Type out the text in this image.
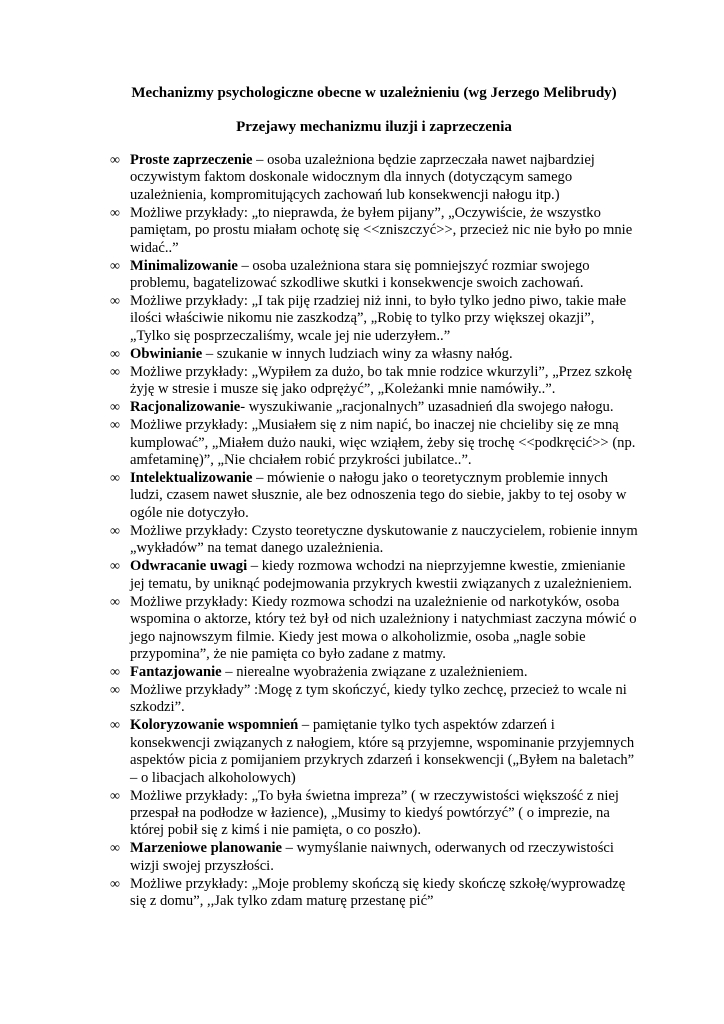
Mechanizmy psychologiczne obecne w uzależnieniu (wg Jerzego Melibrudy)
Przejawy mechanizmu iluzji i zaprzeczenia
∞ Proste zaprzeczenie – osoba uzależniona będzie zaprzeczała nawet najbardziej oczywistym faktom doskonale widocznym dla innych (dotyczącym samego uzależnienia, kompromitujących zachowań lub konsekwencji nałogu itp.)
∞ Możliwe przykłady: „to nieprawda, że byłem pijany”, „Oczywiście, że wszystko pamiętam, po prostu miałam ochotę się <<zniszczyć>>, przecież nic nie było po mnie widać..”
∞ Minimalizowanie – osoba uzależniona stara się pomniejszyć rozmiar swojego problemu, bagatelizować szkodliwe skutki i konsekwencje swoich zachowań.
∞ Możliwe przykłady: „I tak piję rzadziej niż inni, to było tylko jedno piwo, takie małe ilości właściwie nikomu nie zaszkodzą”, „Robię to tylko przy większej okazji”, „Tylko się posprzeczaliśmy, wcale jej nie uderzyłem..”
∞ Obwinianie – szukanie w innych ludziach winy za własny nałóg.
∞ Możliwe przykłady: „Wypiłem za dużo, bo tak mnie rodzice wkurzyli”, „Przez szkołę żyję w stresie i musze się jako odprężyć”, „Koleżanki mnie namówiły..”.
∞ Racjonalizowanie- wyszukiwanie „racjonalnych” uzasadnień dla swojego nałogu.
∞ Możliwe przykłady: „Musiałem się z nim napić, bo inaczej nie chcieliby się ze mną kumplować”, „Miałem dużo nauki, więc wziąłem, żeby się trochę <<podkręcić>> (np. amfetaminę)”, „Nie chciałem robić przykrości jubilatce..”.
∞ Intelektualizowanie – mówienie o nałogu jako o teoretycznym problemie innych ludzi, czasem nawet słusznie, ale bez odnoszenia tego do siebie, jakby to tej osoby w ogóle nie dotyczyło.
∞ Możliwe przykłady: Czysto teoretyczne dyskutowanie z nauczycielem, robienie innym „wykładów” na temat danego uzależnienia.
∞ Odwracanie uwagi – kiedy rozmowa wchodzi na nieprzyjemne kwestie, zmienianie jej tematu, by uniknąć podejmowania przykrych kwestii związanych z uzależnieniem.
∞ Możliwe przykłady: Kiedy rozmowa schodzi na uzależnienie od narkotyków, osoba wspomina o aktorze, który też był od nich uzależniony i natychmiast zaczyna mówić o jego najnowszym filmie. Kiedy jest mowa o alkoholizmie, osoba „nagle sobie przypomina”, że nie pamięta co było zadane z matmy.
∞ Fantazjowanie – nierealne wyobrażenia związane z uzależnieniem.
∞ Możliwe przykłady” :Mogę z tym skończyć, kiedy tylko zechcę, przecież to wcale ni szkodzi”.
∞ Koloryzowanie wspomnień – pamiętanie tylko tych aspektów zdarzeń i konsekwencji związanych z nałogiem, które są przyjemne, wspominanie przyjemnych aspektów picia z pomijaniem przykrych zdarzeń i konsekwencji („Byłem na baletach” – o libacjach alkoholowych)
∞ Możliwe przykłady: „To była świetna impreza” ( w rzeczywistości większość z niej przespał na podłodze w łazience), „Musimy to kiedyś powtórzyć” ( o imprezie, na której pobił się z kimś i nie pamięta, o co poszło).
∞ Marzeniowe planowanie – wymyślanie naiwnych, oderwanych od rzeczywistości wizji swojej przyszłości.
∞ Możliwe przykłady: „Moje problemy skończą się kiedy skończę szkołę/wyprowadzę się z domu”, ,,Jak tylko zdam maturę przestanę pić”
